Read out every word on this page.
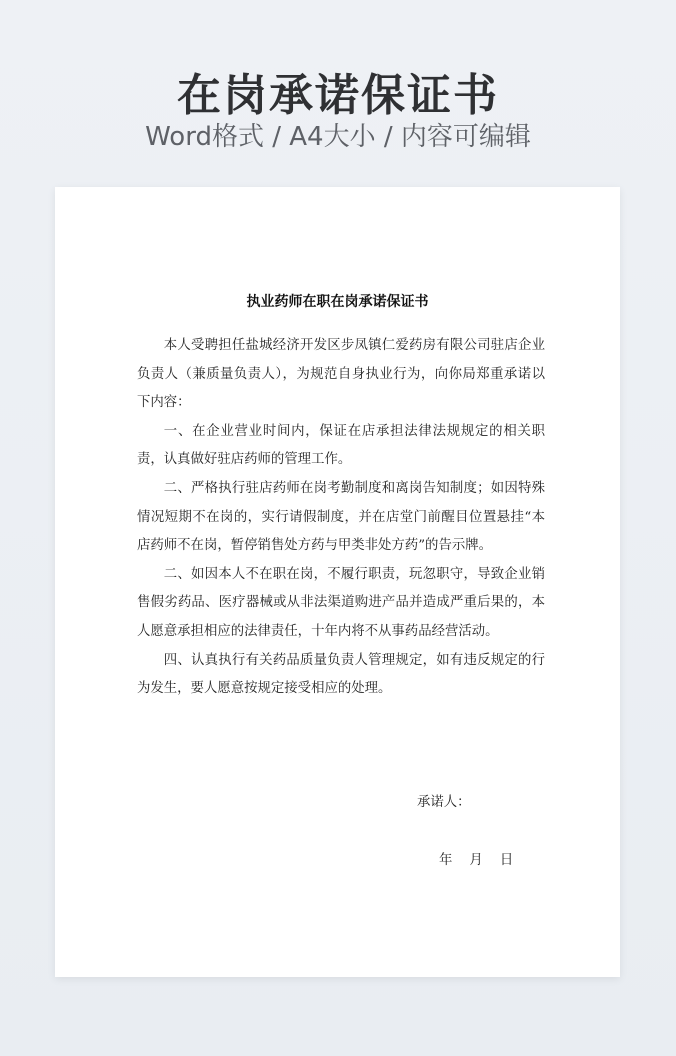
在岗承诺保证书
Word格式 / A4大小 / 内容可编辑
执业药师在职在岗承诺保证书

本人受聘担任盐城经济开发区步凤镇仁爱药房有限公司驻店企业负责人（兼质量负责人），为规范自身执业行为，向你局郑重承诺以下内容：

一、在企业营业时间内，保证在店承担法律法规规定的相关职责，认真做好驻店药师的管理工作。

二、严格执行驻店药师在岗考勤制度和离岗告知制度；如因特殊情况短期不在岗的，实行请假制度，并在店堂门前醒目位置悬挂“本店药师不在岗，暂停销售处方药与甲类非处方药”的告示牌。

二、如因本人不在职在岗，不履行职责，玩忽职守，导致企业销售假劣药品、医疗器械或从非法渠道购进产品并造成严重后果的，本人愿意承担相应的法律责任，十年内将不从事药品经营活动。

四、认真执行有关药品质量负责人管理规定，如有违反规定的行为发生，要人愿意按规定接受相应的处理。

承诺人：
年    月    日
